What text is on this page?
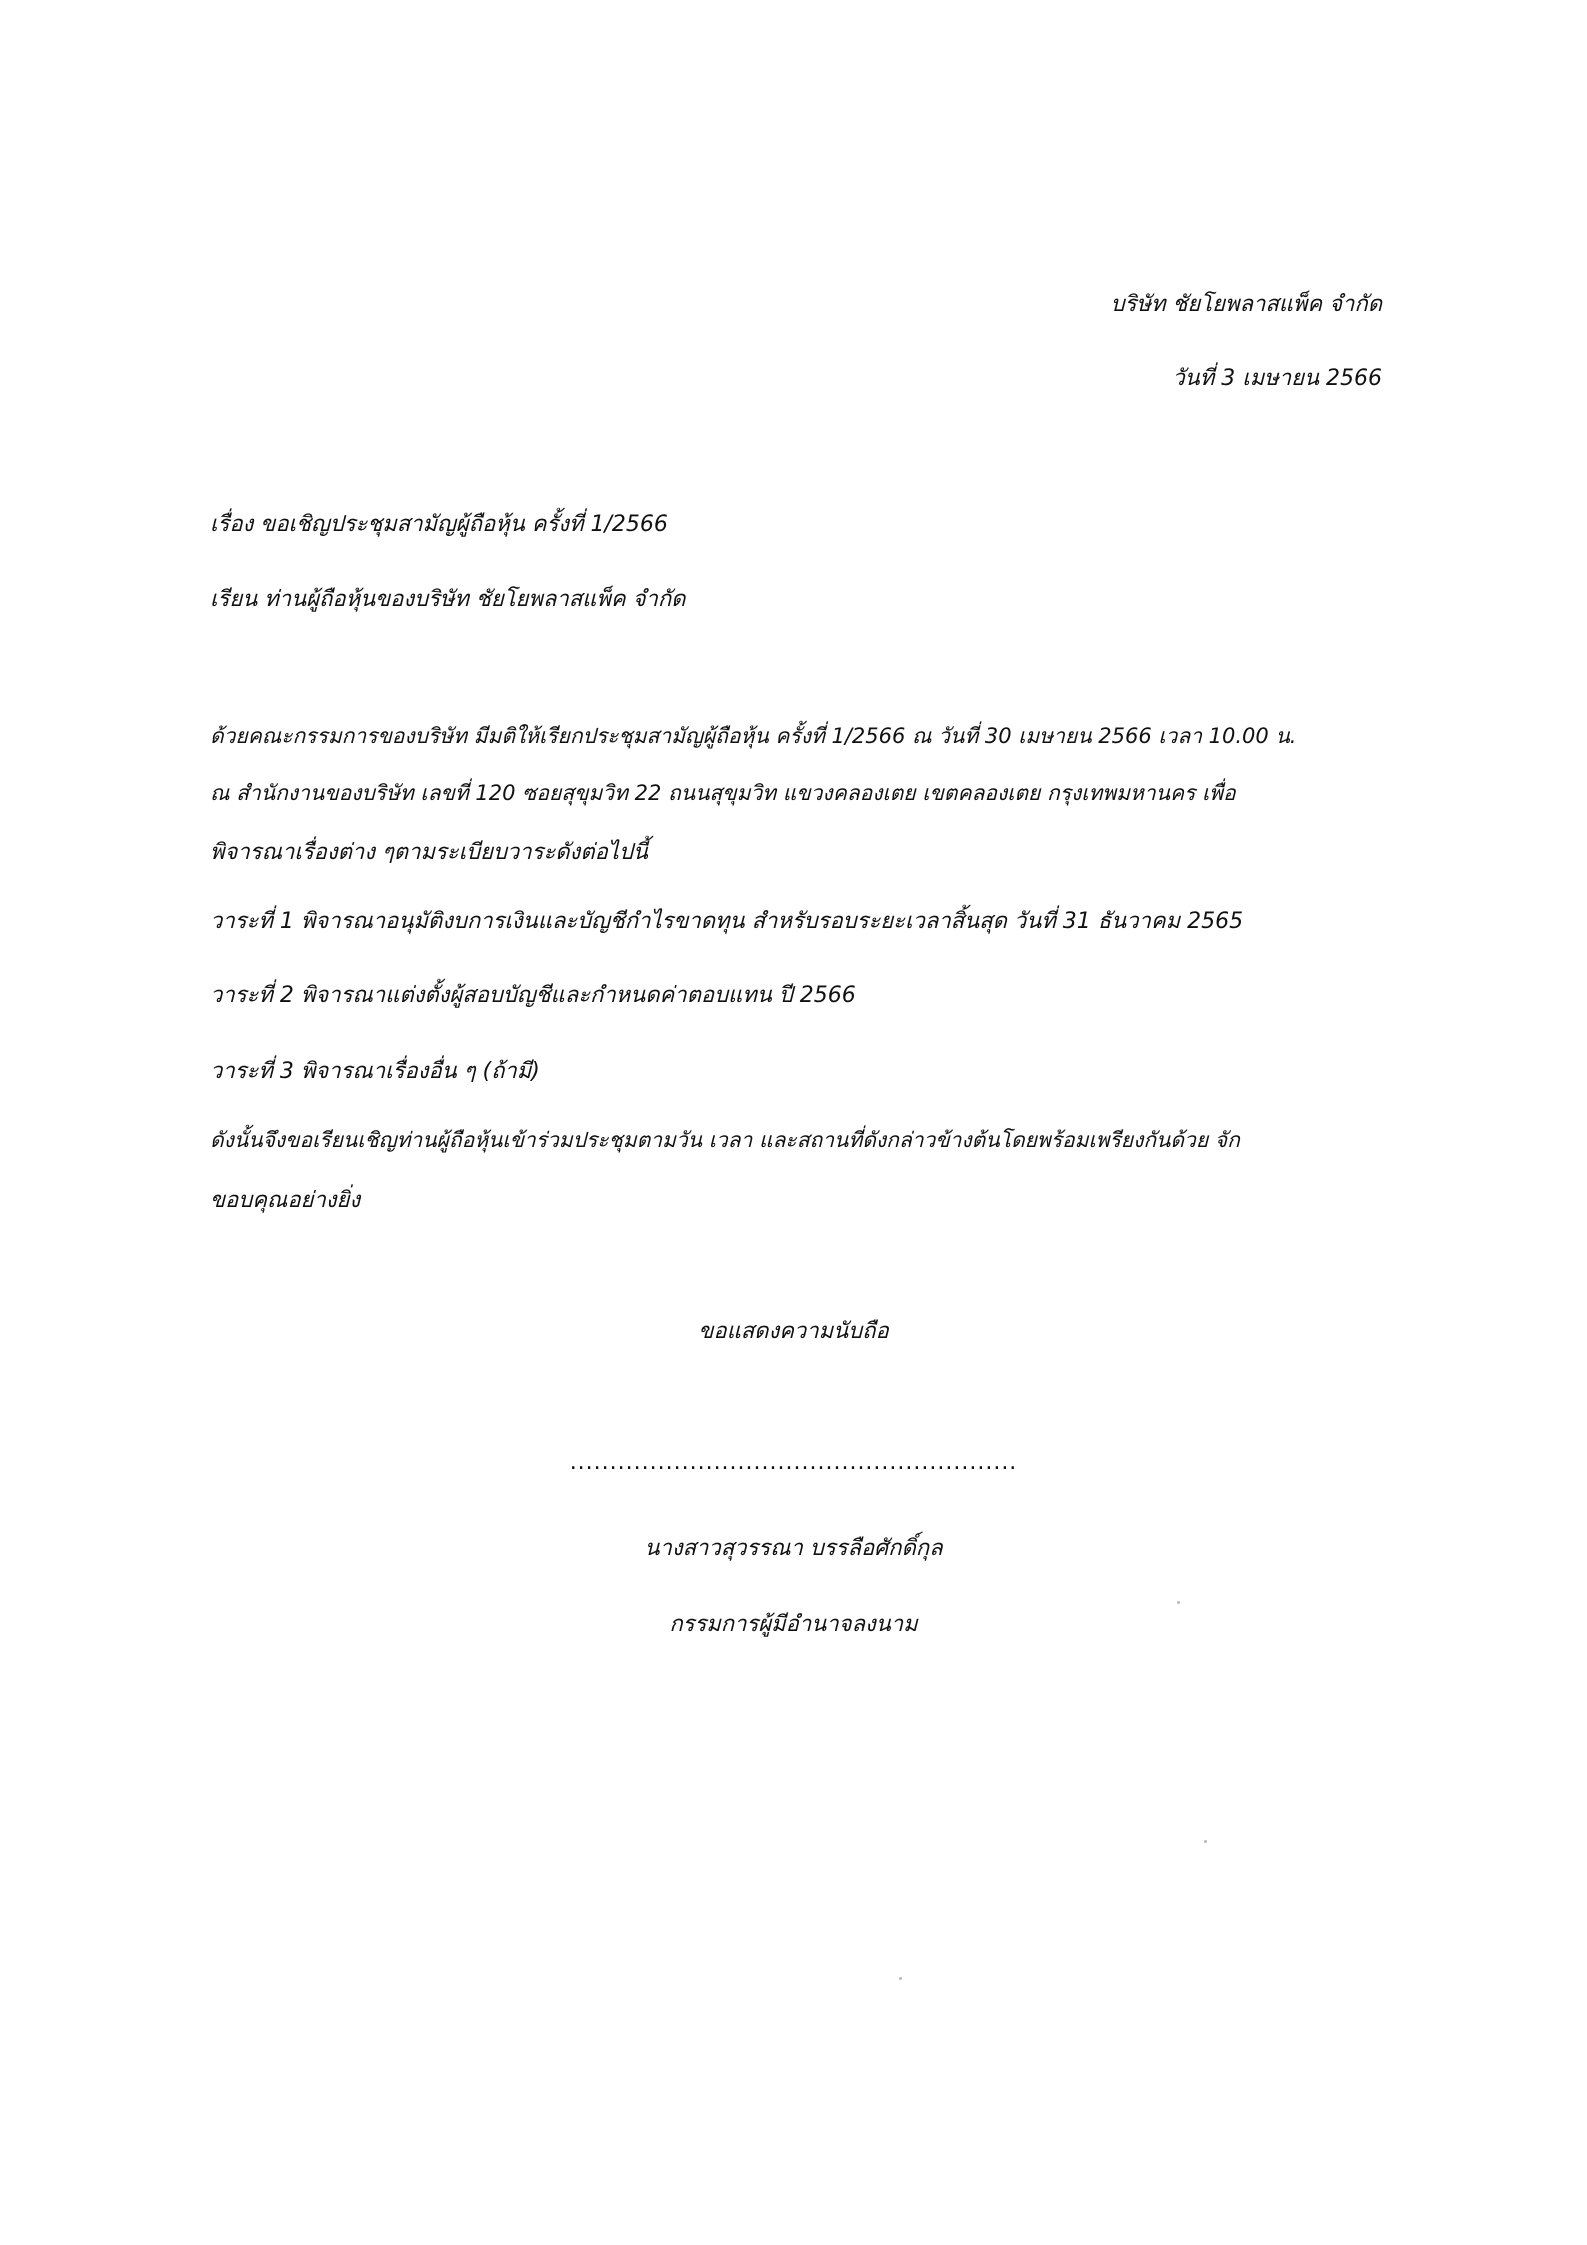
บริษัท ชัยโยพลาสแพ็ค จำกัด
วันที่ 3 เมษายน 2566
เรื่อง ขอเชิญประชุมสามัญผู้ถือหุ้น ครั้งที่ 1/2566
เรียน ท่านผู้ถือหุ้นของบริษัท ชัยโยพลาสแพ็ค จำกัด
ด้วยคณะกรรมการของบริษัท มีมติให้เรียกประชุมสามัญผู้ถือหุ้น ครั้งที่ 1/2566 ณ วันที่ 30 เมษายน 2566 เวลา 10.00 น.
ณ สำนักงานของบริษัท เลขที่ 120 ซอยสุขุมวิท 22 ถนนสุขุมวิท แขวงคลองเตย เขตคลองเตย กรุงเทพมหานคร เพื่อ
พิจารณาเรื่องต่าง ๆตามระเบียบวาระดังต่อไปนี้
วาระที่ 1 พิจารณาอนุมัติงบการเงินและบัญชีกำไรขาดทุน สำหรับรอบระยะเวลาสิ้นสุด วันที่ 31 ธันวาคม 2565
วาระที่ 2 พิจารณาแต่งตั้งผู้สอบบัญชีและกำหนดค่าตอบแทน ปี 2566
วาระที่ 3 พิจารณาเรื่องอื่น ๆ (ถ้ามี)
ดังนั้นจึงขอเรียนเชิญท่านผู้ถือหุ้นเข้าร่วมประชุมตามวัน เวลา และสถานที่ดังกล่าวข้างต้นโดยพร้อมเพรียงกันด้วย จัก
ขอบคุณอย่างยิ่ง
ขอแสดงความนับถือ
........................................................
นางสาวสุวรรณา บรรลือศักดิ์กุล
กรรมการผู้มีอำนาจลงนาม
